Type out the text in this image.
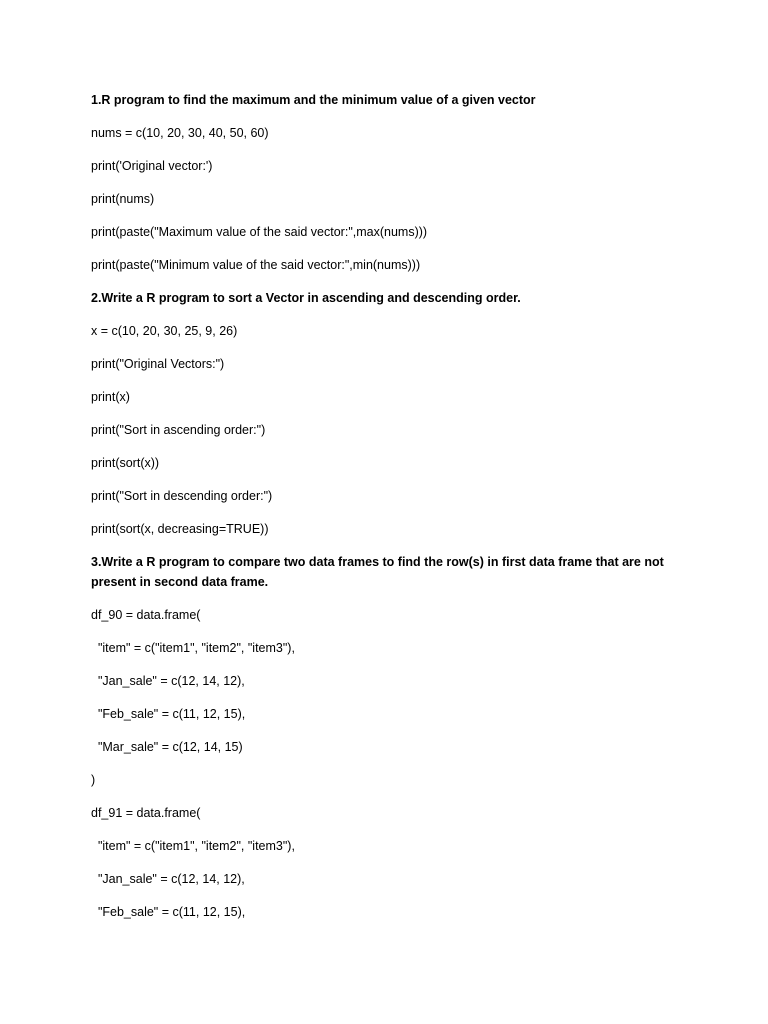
1.R program to find the maximum and the minimum value of a given vector

nums = c(10, 20, 30, 40, 50, 60)

print('Original vector:')

print(nums)

print(paste("Maximum value of the said vector:",max(nums)))

print(paste("Minimum value of the said vector:",min(nums)))

2.Write a R program to sort a Vector in ascending and descending order.

x = c(10, 20, 30, 25, 9, 26)

print("Original Vectors:")

print(x)

print("Sort in ascending order:")

print(sort(x))

print("Sort in descending order:")

print(sort(x, decreasing=TRUE))

3.Write a R program to compare two data frames to find the row(s) in first data frame that are not present in second data frame.

df_90 = data.frame(

"item" = c("item1", "item2", "item3"),

"Jan_sale" = c(12, 14, 12),

"Feb_sale" = c(11, 12, 15),

"Mar_sale" = c(12, 14, 15)

)

df_91 = data.frame(

"item" = c("item1", "item2", "item3"),

"Jan_sale" = c(12, 14, 12),

"Feb_sale" = c(11, 12, 15),
